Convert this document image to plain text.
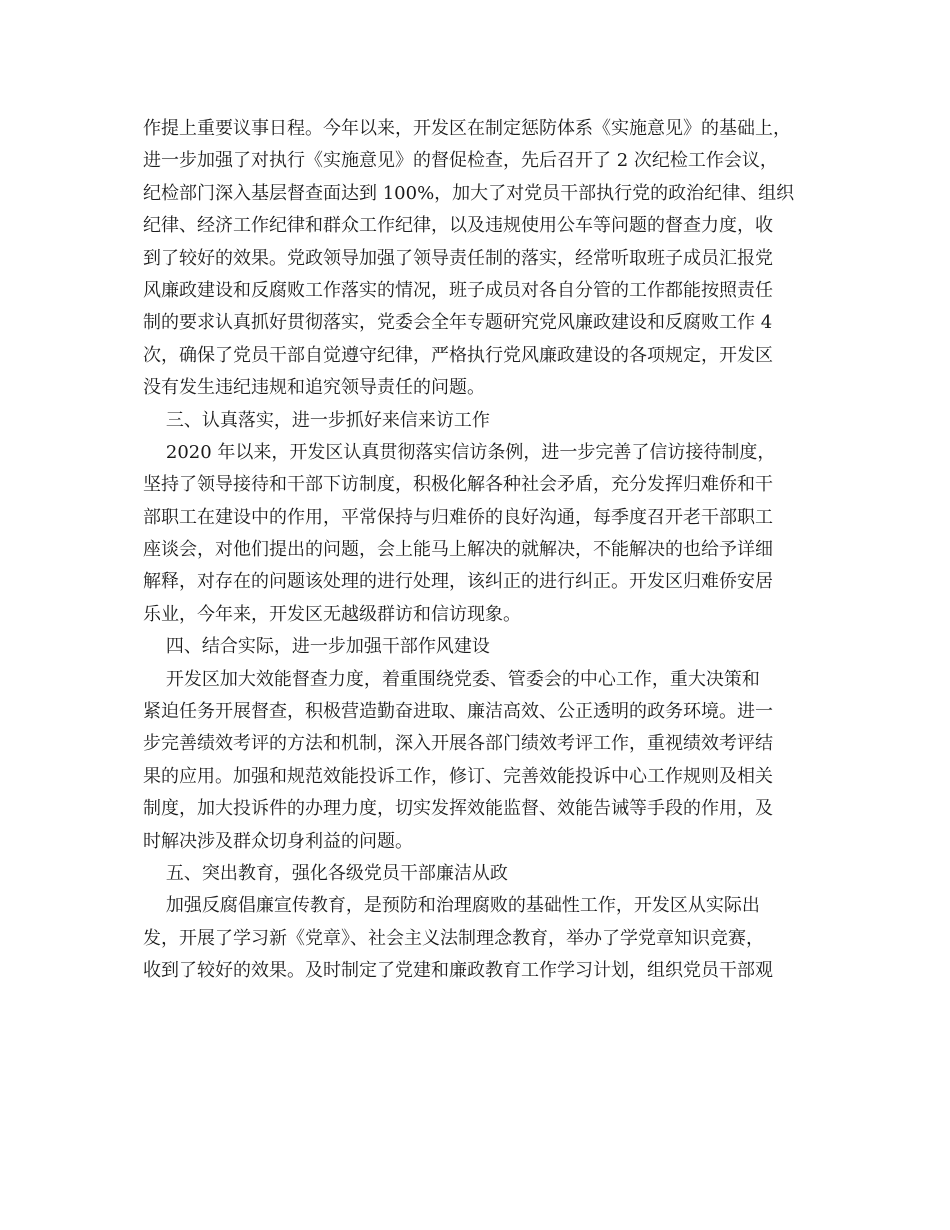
作提上重要议事日程。今年以来，开发区在制定惩防体系《实施意见》的基础上，
进一步加强了对执行《实施意见》的督促检查，先后召开了 2 次纪检工作会议，
纪检部门深入基层督查面达到 100%，加大了对党员干部执行党的政治纪律、组织
纪律、经济工作纪律和群众工作纪律，以及违规使用公车等问题的督查力度，收
到了较好的效果。党政领导加强了领导责任制的落实，经常听取班子成员汇报党
风廉政建设和反腐败工作落实的情况，班子成员对各自分管的工作都能按照责任
制的要求认真抓好贯彻落实，党委会全年专题研究党风廉政建设和反腐败工作 4
次，确保了党员干部自觉遵守纪律，严格执行党风廉政建设的各项规定，开发区
没有发生违纪违规和追究领导责任的问题。
三、认真落实，进一步抓好来信来访工作
2020 年以来，开发区认真贯彻落实信访条例，进一步完善了信访接待制度，
坚持了领导接待和干部下访制度，积极化解各种社会矛盾，充分发挥归难侨和干
部职工在建设中的作用，平常保持与归难侨的良好沟通，每季度召开老干部职工
座谈会，对他们提出的问题，会上能马上解决的就解决，不能解决的也给予详细
解释，对存在的问题该处理的进行处理，该纠正的进行纠正。开发区归难侨安居
乐业，今年来，开发区无越级群访和信访现象。
四、结合实际，进一步加强干部作风建设
开发区加大效能督查力度，着重围绕党委、管委会的中心工作，重大决策和
紧迫任务开展督查，积极营造勤奋进取、廉洁高效、公正透明的政务环境。进一
步完善绩效考评的方法和机制，深入开展各部门绩效考评工作，重视绩效考评结
果的应用。加强和规范效能投诉工作，修订、完善效能投诉中心工作规则及相关
制度，加大投诉件的办理力度，切实发挥效能监督、效能告诫等手段的作用，及
时解决涉及群众切身利益的问题。
五、突出教育，强化各级党员干部廉洁从政
加强反腐倡廉宣传教育，是预防和治理腐败的基础性工作，开发区从实际出
发，开展了学习新《党章》、社会主义法制理念教育，举办了学党章知识竞赛，
收到了较好的效果。及时制定了党建和廉政教育工作学习计划，组织党员干部观
